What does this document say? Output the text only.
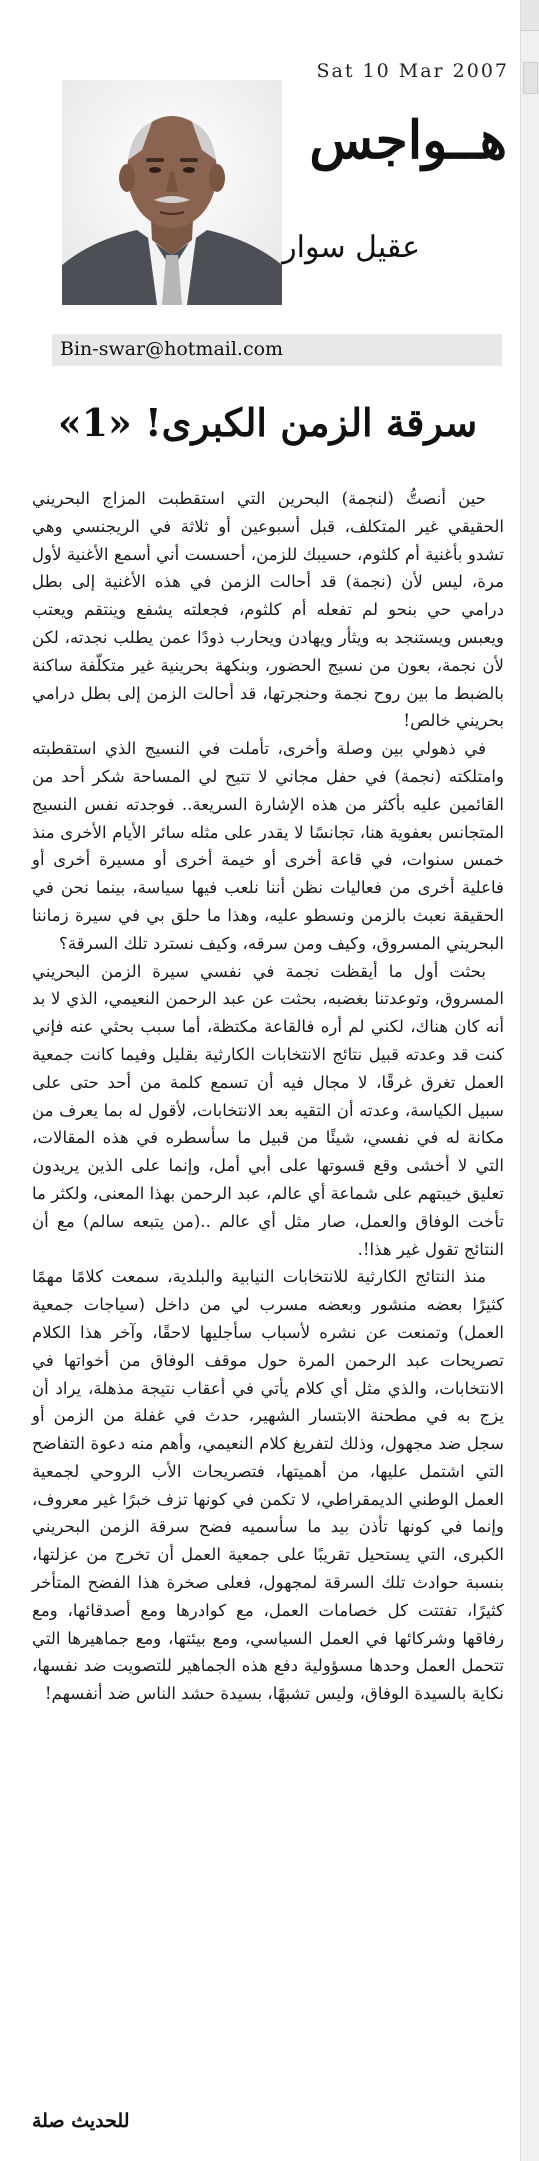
Sat 10 Mar 2007
هــواجس
عقيل سوار
Bin-swar@hotmail.com
سرقة الزمن الكبرى! «1»

حين أنصتُّ (لنجمة) البحرين التي استقطبت المزاج البحريني الحقيقي غير المتكلف، قبل أسبوعين أو ثلاثة في الريجنسي وهي تشدو بأغنية أم كلثوم، حسيبك للزمن، أحسست أني أسمع الأغنية لأول مرة، ليس لأن (نجمة) قد أحالت الزمن في هذه الأغنية إلى بطل درامي حي بنحو لم تفعله أم كلثوم، فجعلته يشفع وينتقم ويعتب ويعبس ويستنجد به ويثأر ويهادن ويحارب ذودًا عمن يطلب نجدته، لكن لأن نجمة، بعون من نسيج الحضور، وبنكهة بحرينية غير متكلّفة ساكنة بالضبط ما بين روح نجمة وحنجرتها، قد أحالت الزمن إلى بطل درامي بحريني خالص!

في ذهولي بين وصلة وأخرى، تأملت في النسيج الذي استقطبته وامتلكته (نجمة) في حفل مجاني لا تتيح لي المساحة شكر أحد من القائمين عليه بأكثر من هذه الإشارة السريعة.. فوجدته نفس النسيج المتجانس بعفوية هنا، تجانسًا لا يقدر على مثله سائر الأيام الأخرى منذ خمس سنوات، في قاعة أخرى أو خيمة أخرى أو مسيرة أخرى أو فاعلية أخرى من فعاليات نظن أننا نلعب فيها سياسة، بينما نحن في الحقيقة نعبث بالزمن ونسطو عليه، وهذا ما حلق بي في سيرة زماننا البحريني المسروق، وكيف ومن سرقه، وكيف نسترد تلك السرقة؟

بحثت أول ما أيقظت نجمة في نفسي سيرة الزمن البحريني المسروق، وتوعدتنا بغضبه، بحثت عن عبد الرحمن النعيمي، الذي لا بد أنه كان هناك، لكني لم أره فالقاعة مكتظة، أما سبب بحثي عنه فإني كنت قد وعدته قبيل نتائج الانتخابات الكارثية بقليل وفيما كانت جمعية العمل تغرق غرقًا، لا مجال فيه أن تسمع كلمة من أحد حتى على سبيل الكياسة، وعدته أن التقيه بعد الانتخابات، لأقول له بما يعرف من مكانة له في نفسي، شيئًا من قبيل ما سأسطره في هذه المقالات، التي لا أخشى وقع قسوتها على أبي أمل، وإنما على الذين يريدون تعليق خيبتهم على شماعة أي عالم، عبد الرحمن بهذا المعنى، ولكثر ما تأخت الوفاق والعمل، صار مثل أي عالم ..(من يتبعه سالم) مع أن النتائج تقول غير هذا!.

منذ النتائج الكارثية للانتخابات النيابية والبلدية، سمعت كلامًا مهمًا كثيرًا بعضه منشور وبعضه مسرب لي من داخل (سياجات جمعية العمل) وتمنعت عن نشره لأسباب سأجليها لاحقًا، وآخر هذا الكلام تصريحات عبد الرحمن المرة حول موقف الوفاق من أخواتها في الانتخابات، والذي مثل أي كلام يأتي في أعقاب نتيجة مذهلة، يراد أن يزج به في مطحنة الابتسار الشهير، حدث في غفلة من الزمن أو سجل ضد مجهول، وذلك لتفريغ كلام النعيمي، وأهم منه دعوة التفاضح التي اشتمل عليها، من أهميتها، فتصريحات الأب الروحي لجمعية العمل الوطني الديمقراطي، لا تكمن في كونها تزف خبرًا غير معروف، وإنما في كونها تأذن بيد ما سأسميه فضح سرقة الزمن البحريني الكبرى، التي يستحيل تقريبًا على جمعية العمل أن تخرج من عزلتها، بنسبة حوادث تلك السرقة لمجهول، فعلى صخرة هذا الفضح المتأخر كثيرًا، تفتتت كل خصامات العمل، مع كوادرها ومع أصدقائها، ومع رفاقها وشركائها في العمل السياسي، ومع بيئتها، ومع جماهيرها التي تتحمل العمل وحدها مسؤولية دفع هذه الجماهير للتصويت ضد نفسها، نكاية بالسيدة الوفاق، وليس تشبهًا، بسيدة حشد الناس ضد أنفسهم!

للحديث صلة
